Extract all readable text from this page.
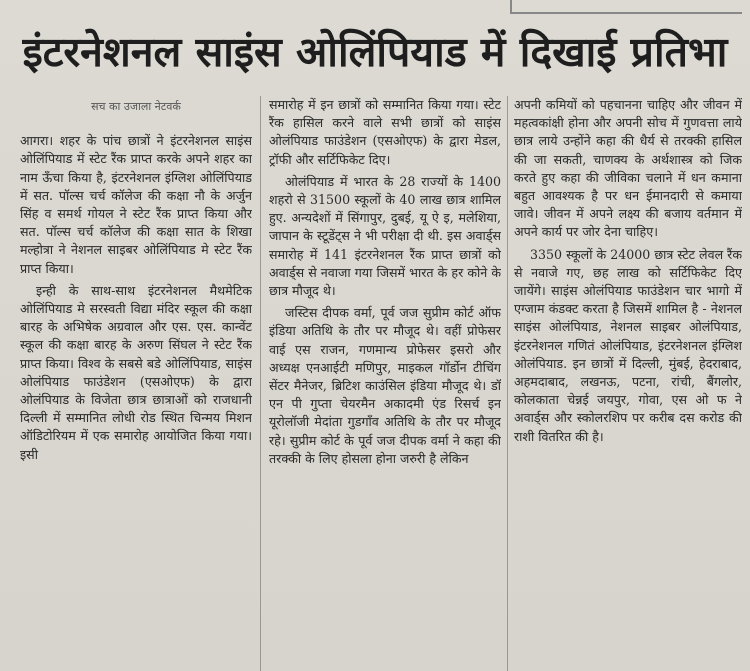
इंटरनेशनल साइंस ओलिंपियाड में दिखाई प्रतिभा
सच का उजाला नेटवर्क

आगरा। शहर के पांच छात्रों ने इंटरनेशनल साइंस ओलिंपियाड में स्टेट रैंक प्राप्त करके अपने शहर का नाम ऊँचा किया है, इंटरनेशनल इंग्लिश ओलिंपियाड में सत. पॉल्स चर्च कॉलेज की कक्षा नौ के अर्जुन सिंह व समर्थ गोयल ने स्टेट रैंक प्राप्त किया और सत. पॉल्स चर्च कॉलेज की कक्षा सात के शिखा मल्होत्रा ने नेशनल साइबर ओलिंपियाड मे स्टेट रैंक प्राप्त किया।

इन्ही के साथ-साथ इंटरनेशनल मैथमेटिक ओलिंपियाड मे सरस्वती विद्या मंदिर स्कूल की कक्षा बारह के अभिषेक अग्रवाल और एस. एस. कान्वेंट स्कूल की कक्षा बारह के अरुण सिंघल ने स्टेट रैंक प्राप्त किया। विश्व के सबसे बडे ओलिंपियाड, साइंस ओलंपियाड फाउंडेशन (एसओएफ) के द्वारा ओलंपियाड के विजेता छात्र छात्राओं को राजधानी दिल्ली में सम्मानित लोधी रोड स्थित चिन्मय मिशन ऑडिटोरियम में एक समारोह आयोजित किया गया। इसी

समारोह में इन छात्रों को सम्मानित किया गया। स्टेट रैंक हासिल करने वाले सभी छात्रों को साइंस ओलंपियाड फाउंडेशन (एसओएफ) के द्वारा मेडल, ट्रॉफी और सर्टिफिकेट दिए।

ओलंपियाड में भारत के 28 राज्यों के 1400 शहरो से 31500 स्कूलों के 40 लाख छात्र शामिल हुए. अन्यदेशों में सिंगापुर, दुबई, यू ऐ इ, मलेशिया, जापान के स्टूडेंट्स ने भी परीक्षा दी थी. इस अवार्ड्स समारोह में 141 इंटरनेशनल रैंक प्राप्त छात्रों को अवार्ड्स से नवाजा गया जिसमें भारत के हर कोने के छात्र मौजूद थे।

जस्टिस दीपक वर्मा, पूर्व जज सुप्रीम कोर्ट ऑफ इंडिया अतिथि के तौर पर मौजूद थे। वहीं प्रोफेसर वाई एस राजन, गणमान्य प्रोफेसर इसरो और अध्यक्ष एनआईटी मणिपुर, माइकल गॉर्डोन टीचिंग सेंटर मैनेजर, ब्रिटिश काउंसिल इंडिया मौजूद थे। डॉ एन पी गुप्ता चेयरमैन अकादमी एंड रिसर्च इन यूरोलॉजी मेदांता गुडगाँव अतिथि के तौर पर मौजूद रहे। सुप्रीम कोर्ट के पूर्व जज दीपक वर्मा ने कहा की तरक्की के लिए होसला होना जरुरी है लेकिन

अपनी कमियों को पहचानना चाहिए और जीवन में महत्वकांक्षी होना और अपनी सोच में गुणवत्ता लाये छात्र लाये उन्होंने कहा की धैर्य से तरक्की हासिल की जा सकती, चाणक्य के अर्थशास्त्र को जिक करते हुए कहा की जीविका चलाने में धन कमाना बहुत आवश्यक है पर धन ईमानदारी से कमाया जावे। जीवन में अपने लक्ष्य की बजाय वर्तमान में अपने कार्य पर जोर देना चाहिए।

3350 स्कूलों के 24000 छात्र स्टेट लेवल रैंक से नवाजे गए, छह लाख को सर्टिफिकेट दिए जायेंगे। साइंस ओलंपियाड फाउंडेशन चार भागो में एग्जाम कंडक्ट करता है जिसमें शामिल है - नेशनल साइंस ओलंपियाड, नेशनल साइबर ओलंपियाड, इंटरनेशनल गणितं ओलंपियाड, इंटरनेशनल इंग्लिश ओलंपियाड. इन छात्रों में दिल्ली, मुंबई, हेदराबाद, अहमदाबाद, लखनऊ, पटना, रांची, बैंगलोर, कोलकाता चेन्नई जयपुर, गोवा, एस ओ फ ने अवार्ड्स और स्कोलरशिप पर करीब दस करोड की राशी वितरित की है।
